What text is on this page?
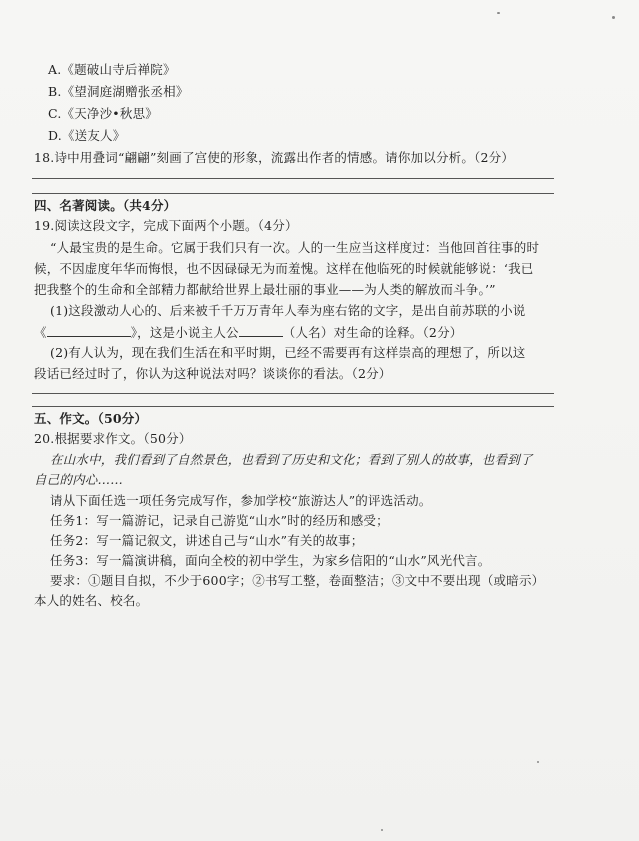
A.《题破山寺后禅院》
B.《望洞庭湖赠张丞相》
C.《天净沙•秋思》
D.《送友人》
18.诗中用叠词“翩翩”刻画了宫使的形象，流露出作者的情感。请你加以分析。（2分）
四、名著阅读。（共4分）
19.阅读这段文字，完成下面两个小题。（4分）
“人最宝贵的是生命。它属于我们只有一次。人的一生应当这样度过：当他回首往事的时
候，不因虚度年华而悔恨，也不因碌碌无为而羞愧。这样在他临死的时候就能够说：‘我已
把我整个的生命和全部精力都献给世界上最壮丽的事业——为人类的解放而斗争。’”
(1)这段激动人心的、后来被千千万万青年人奉为座右铭的文字，是出自前苏联的小说
《	》，这是小说主人公	（人名）对生命的诠释。（2分）
(2)有人认为，现在我们生活在和平时期，已经不需要再有这样崇高的理想了，所以这
段话已经过时了，你认为这种说法对吗？谈谈你的看法。（2分）
五、作文。（50分）
20.根据要求作文。（50分）
在山水中，我们看到了自然景色，也看到了历史和文化；看到了别人的故事，也看到了
自己的内心……
请从下面任选一项任务完成写作，参加学校“旅游达人”的评选活动。
任务1：写一篇游记，记录自己游览“山水”时的经历和感受；
任务2：写一篇记叙文，讲述自己与“山水”有关的故事；
任务3：写一篇演讲稿，面向全校的初中学生，为家乡信阳的“山水”风光代言。
要求：①题目自拟，不少于600字；②书写工整，卷面整洁；③文中不要出现（或暗示）
本人的姓名、校名。
